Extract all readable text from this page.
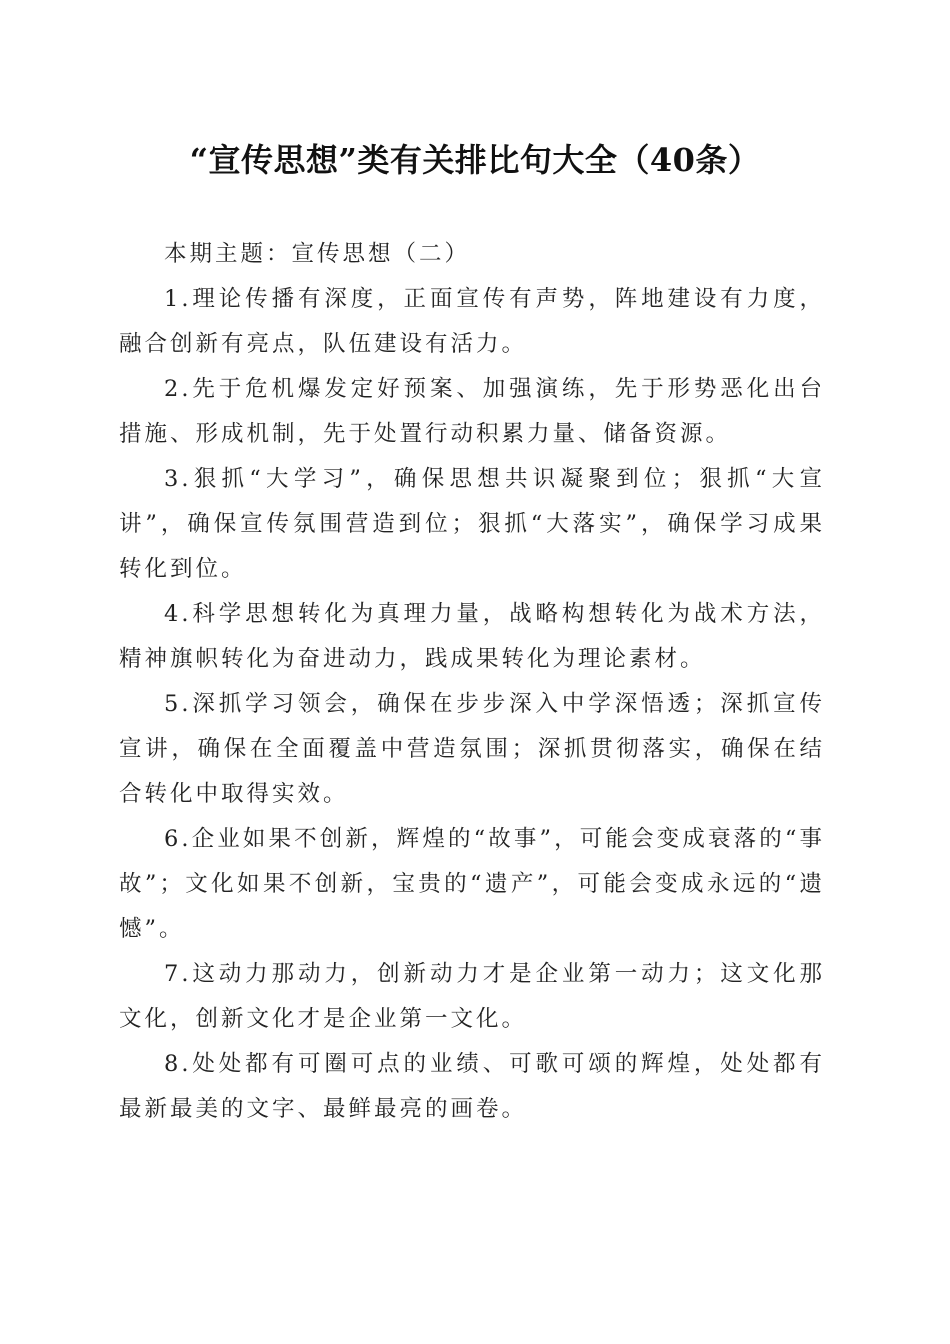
“宣传思想”类有关排比句大全（40条）

本期主题：宣传思想（二）

1.理论传播有深度，正面宣传有声势，阵地建设有力度，融合创新有亮点，队伍建设有活力。

2.先于危机爆发定好预案、加强演练，先于形势恶化出台措施、形成机制，先于处置行动积累力量、储备资源。

3.狠抓“大学习”，确保思想共识凝聚到位；狠抓“大宣讲”，确保宣传氛围营造到位；狠抓“大落实”，确保学习成果转化到位。

4.科学思想转化为真理力量，战略构想转化为战术方法，精神旗帜转化为奋进动力，践成果转化为理论素材。

5.深抓学习领会，确保在步步深入中学深悟透；深抓宣传宣讲，确保在全面覆盖中营造氛围；深抓贯彻落实，确保在结合转化中取得实效。

6.企业如果不创新，辉煌的“故事”，可能会变成衰落的“事故”；文化如果不创新，宝贵的“遗产”，可能会变成永远的“遗憾”。

7.这动力那动力，创新动力才是企业第一动力；这文化那文化，创新文化才是企业第一文化。

8.处处都有可圈可点的业绩、可歌可颂的辉煌，处处都有最新最美的文字、最鲜最亮的画卷。
